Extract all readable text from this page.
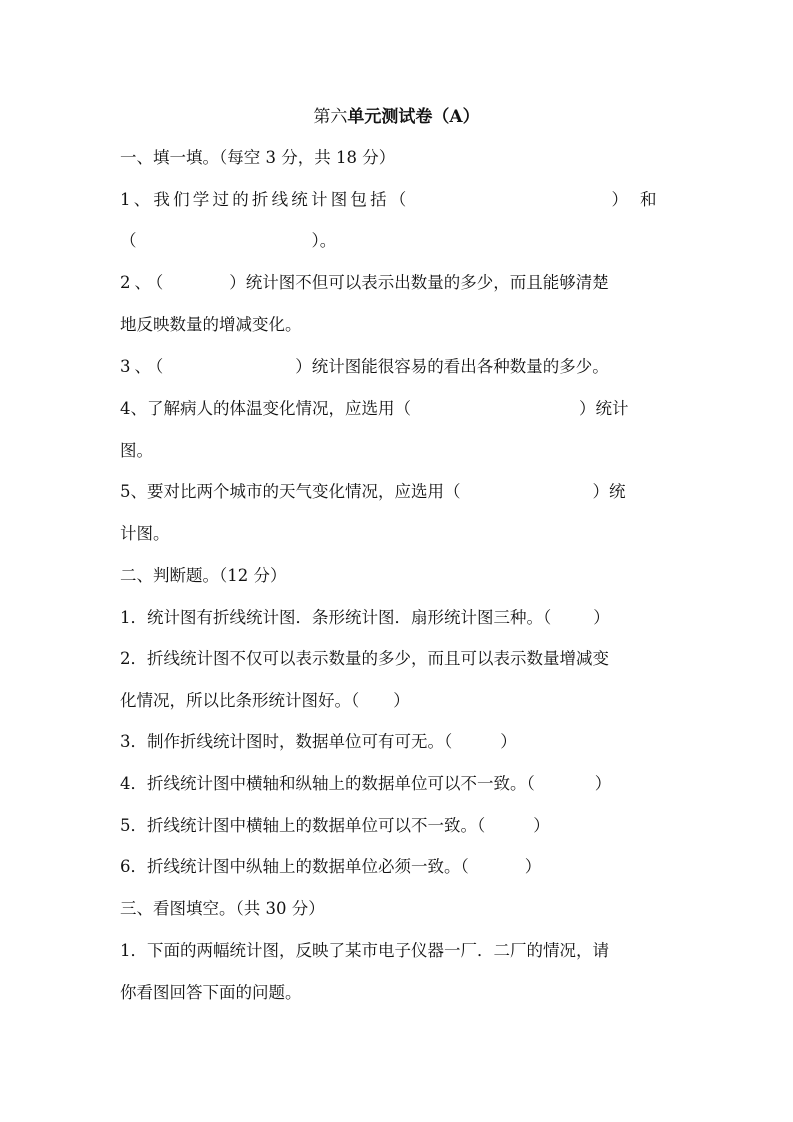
第六单元测试卷（A）
一、填一填。（每空 3 分，共 18 分）
1、我们学过的折线统计图包括（	）和
（	）。
2、（	）统计图不但可以表示出数量的多少，而且能够清楚
地反映数量的增减变化。
3、（	）统计图能很容易的看出各种数量的多少。
4、了解病人的体温变化情况，应选用（	）统计
图。
5、要对比两个城市的天气变化情况，应选用（	）统
计图。
二、判断题。（12 分）
1．统计图有折线统计图．条形统计图．扇形统计图三种。（	）
2．折线统计图不仅可以表示数量的多少，而且可以表示数量增减变
化情况，所以比条形统计图好。（ ）
3．制作折线统计图时，数据单位可有可无。（	）
4．折线统计图中横轴和纵轴上的数据单位可以不一致。（	）
5．折线统计图中横轴上的数据单位可以不一致。（	）
6．折线统计图中纵轴上的数据单位必须一致。（	）
三、看图填空。（共 30 分）
1．下面的两幅统计图，反映了某市电子仪器一厂．二厂的情况，请
你看图回答下面的问题。
